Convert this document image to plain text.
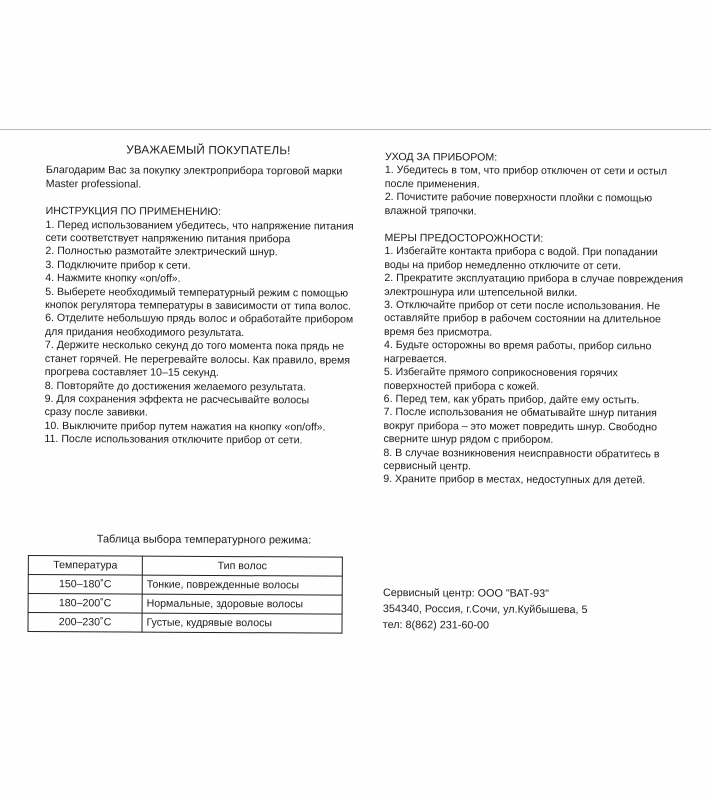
УВАЖАЕМЫЙ ПОКУПАТЕЛЬ!

Благодарим Вас за покупку электроприбора торговой марки

Master professional.

ИНСТРУКЦИЯ ПО ПРИМЕНЕНИЮ:

1. Перед использованием убедитесь, что напряжение питания
сети соответствует напряжению питания прибора
2. Полностью размотайте электрический шнур.
3. Подключите прибор к сети.
4. Нажмите кнопку «on/off».
5. Выберете необходимый температурный режим с помощью
кнопок регулятора температуры в зависимости от типа волос.
6. Отделите небольшую прядь волос и обработайте прибором
для придания необходимого результата.
7. Держите несколько секунд до того момента пока прядь не
станет горячей. Не перегревайте волосы. Как правило, время
прогрева составляет 10–15 секунд.
8. Повторяйте до достижения желаемого результата.
9. Для сохранения эффекта не расчесывайте волосы
сразу после завивки.
10. Выключите прибор путем нажатия на кнопку «on/off».
11. После использования отключите прибор от сети.

УХОД ЗА ПРИБОРОМ:

1. Убедитесь в том, что прибор отключен от сети и остыл
после применения.
2. Почистите рабочие поверхности плойки с помощью
влажной тряпочки.

МЕРЫ ПРЕДОСТОРОЖНОСТИ:

1. Избегайте контакта прибора с водой. При попадании
воды на прибор немедленно отключите от сети.
2. Прекратите эксплуатацию прибора в случае повреждения
электрошнура или штепсельной вилки.
3. Отключайте прибор от сети после использования. Не
оставляйте прибор в рабочем состоянии на длительное
время без присмотра.
4. Будьте осторожны во время работы, прибор сильно
нагревается.
5. Избегайте прямого соприкосновения горячих
поверхностей прибора с кожей.
6. Перед тем, как убрать прибор, дайте ему остыть.
7. После использования не обматывайте шнур питания
вокруг прибора – это может повредить шнур. Свободно
сверните шнур рядом с прибором.
8. В случае возникновения неисправности обратитесь в
сервисный центр.
9. Храните прибор в местах, недоступных для детей.
Таблица выбора температурного режима:
Температура	Тип волос
150–180˚С	Тонкие, поврежденные волосы
180–200˚С	Нормальные, здоровые волосы
200–230˚С	Густые, кудрявые волосы

Сервисный центр: ООО "ВАТ-93"

354340, Россия, г.Сочи, ул.Куйбышева, 5

тел: 8(862) 231-60-00
